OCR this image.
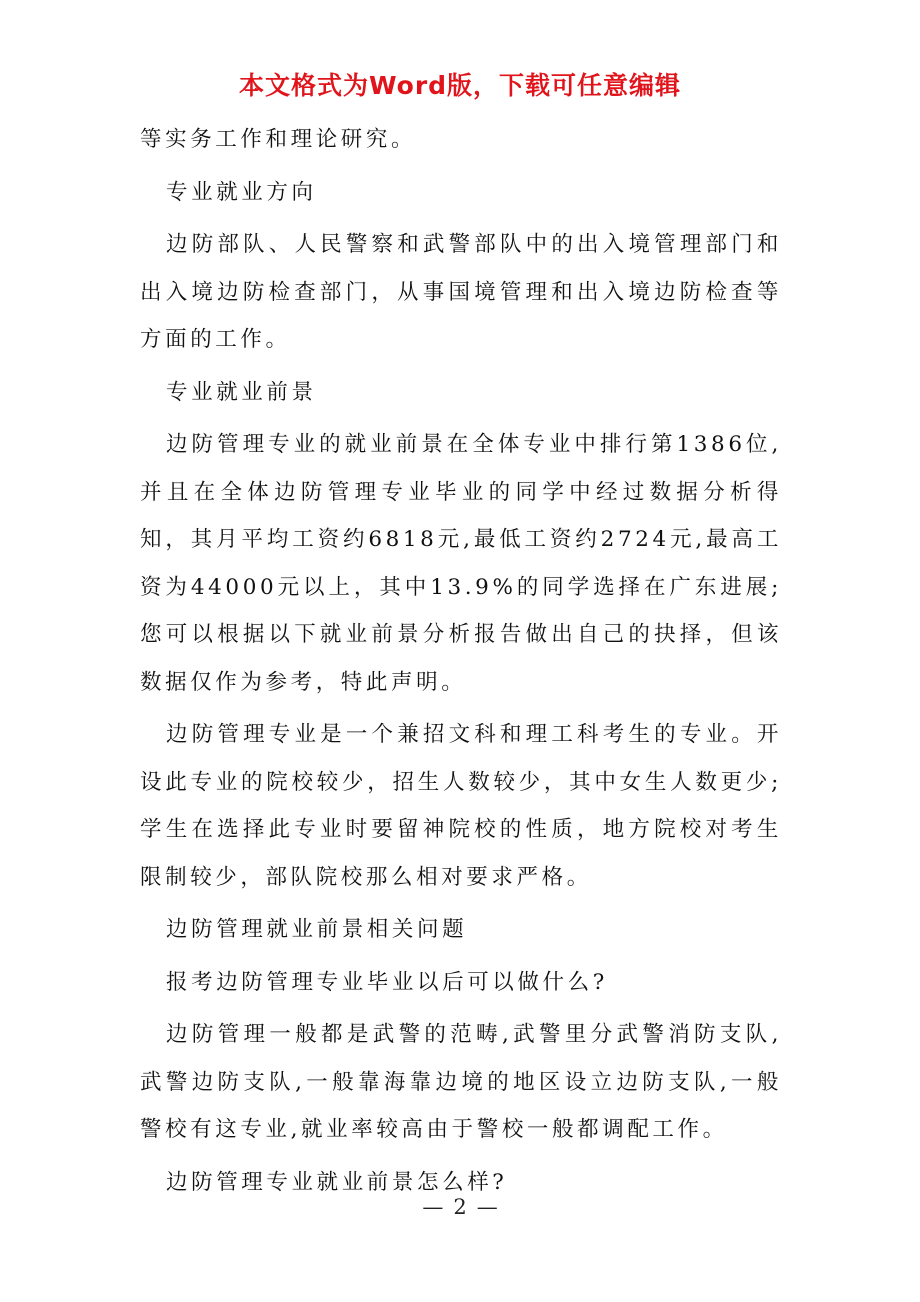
本文格式为Word版，下载可任意编辑

等实务工作和理论研究。

专业就业方向

边防部队、人民警察和武警部队中的出入境管理部门和出入境边防检查部门，从事国境管理和出入境边防检查等方面的工作。

专业就业前景

边防管理专业的就业前景在全体专业中排行第1386位,并且在全体边防管理专业毕业的同学中经过数据分析得知，其月平均工资约6818元,最低工资约2724元,最高工资为44000元以上，其中13.9%的同学选择在广东进展;您可以根据以下就业前景分析报告做出自己的抉择，但该数据仅作为参考，特此声明。

边防管理专业是一个兼招文科和理工科考生的专业。开设此专业的院校较少，招生人数较少，其中女生人数更少;学生在选择此专业时要留神院校的性质，地方院校对考生限制较少，部队院校那么相对要求严格。

边防管理就业前景相关问题

报考边防管理专业毕业以后可以做什么?

边防管理一般都是武警的范畴,武警里分武警消防支队,武警边防支队,一般靠海靠边境的地区设立边防支队,一般警校有这专业,就业率较高由于警校一般都调配工作。

边防管理专业就业前景怎么样?

— 2 —
